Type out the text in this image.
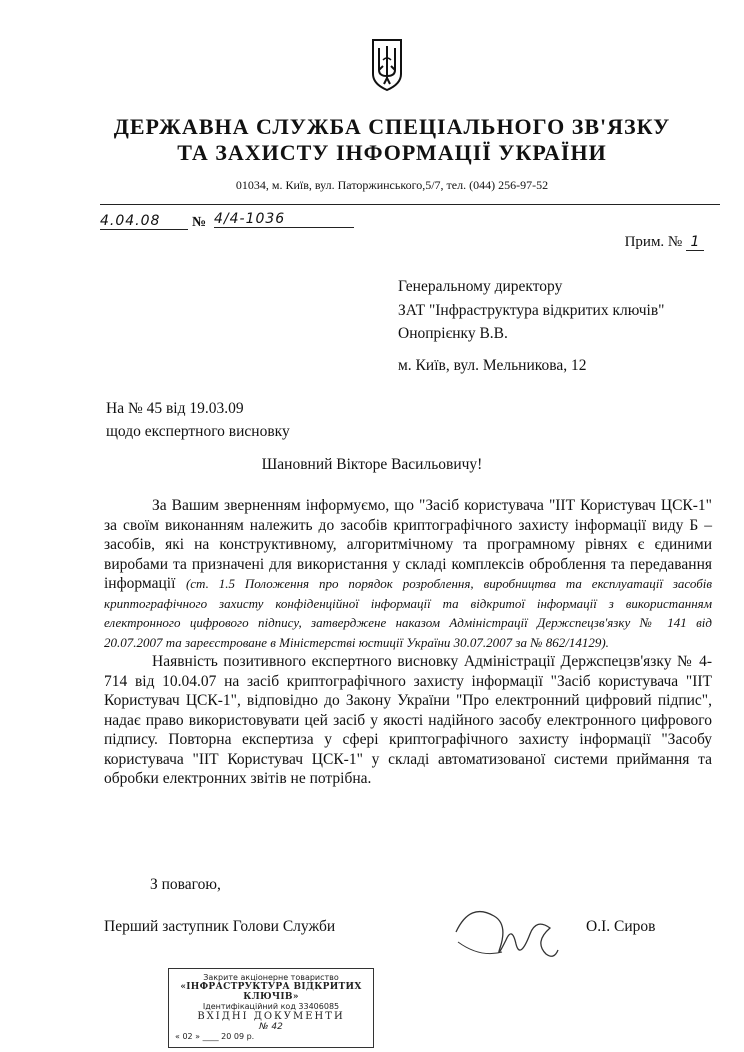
ДЕРЖАВНА СЛУЖБА СПЕЦІАЛЬНОГО ЗВ'ЯЗКУ
ТА ЗАХИСТУ ІНФОРМАЦІЇ УКРАЇНИ
01034, м. Київ, вул. Паторжинського,5/7, тел. (044) 256-97-52
4.04.08	№ 4/4-1036
Прим. № 1
Генеральному директору
ЗАТ "Інфраструктура відкритих ключів"
Онопрієнку В.В.
м. Київ, вул. Мельникова, 12
На № 45 від 19.03.09
щодо експертного висновку
Шановний Вікторе Васильовичу!

За Вашим зверненням інформуємо, що "Засіб користувача "ІІТ Користувач ЦСК-1" за своїм виконанням належить до засобів криптографічного захисту інформації виду Б – засобів, які на конструктивному, алгоритмічному та програмному рівнях є єдиними виробами та призначені для використання у складі комплексів оброблення та передавання інформації (ст. 1.5 Положення про порядок розроблення, виробництва та експлуатації засобів криптографічного захисту конфіденційної інформації та відкритої інформації з використанням електронного цифрового підпису, затверджене наказом Адміністрації Держспецзв'язку № 141 від 20.07.2007 та зареєстроване в Міністерстві юстиції України 30.07.2007 за № 862/14129).

Наявність позитивного експертного висновку Адміністрації Держспецзв'язку № 4-714 від 10.04.07 на засіб криптографічного захисту інформації "Засіб користувача "ІІТ Користувач ЦСК-1", відповідно до Закону України "Про електронний цифровий підпис", надає право використовувати цей засіб у якості надійного засобу електронного цифрового підпису. Повторна експертиза у сфері криптографічного захисту інформації "Засобу користувача "ІІТ Користувач ЦСК-1" у складі автоматизованої системи приймання та обробки електронних звітів не потрібна.

З повагою,
Перший заступник Голови Служби	О.І. Сиров
Закрите акціонерне товариство
«ІНФРАСТРУКТУРА ВІДКРИТИХ КЛЮЧІВ»
Ідентифікаційний код 33406085
ВХІДНІ ДОКУМЕНТИ
№ 42
« 02 » ____ 20 09 р.
